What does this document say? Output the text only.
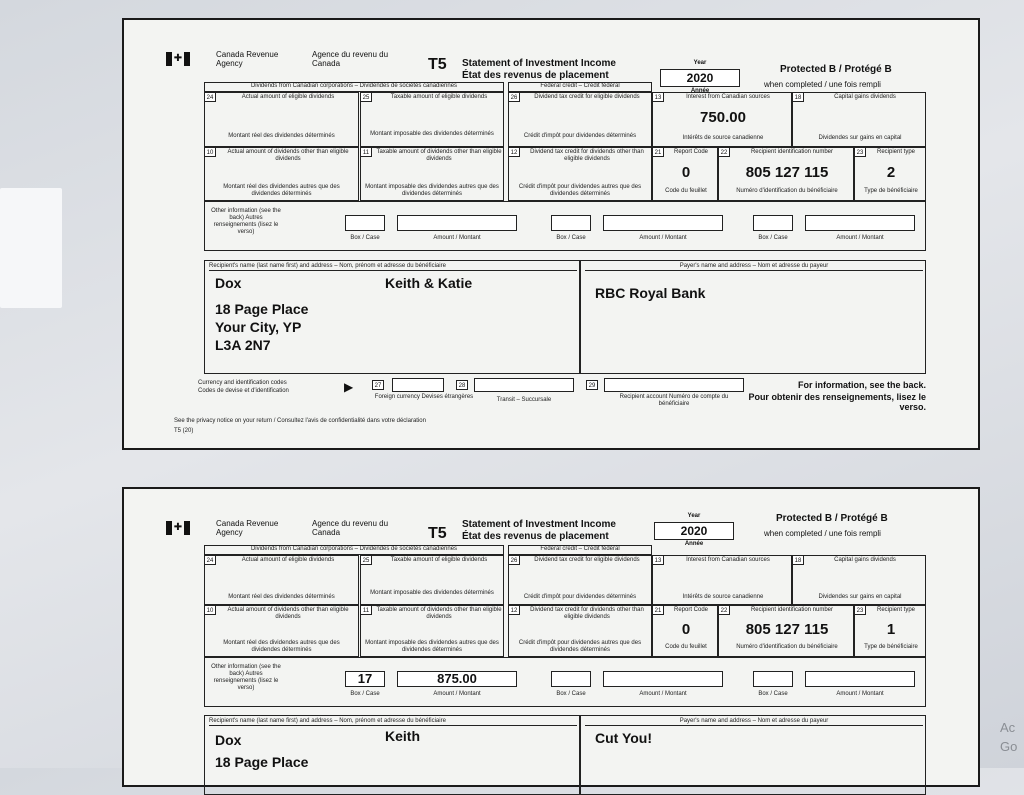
Ac Go
✚	Canada Revenue Agency
Agence du revenu du Canada	T5 Statement of Investment Income
État des revenus de placement
Year
2020
Année
Protected B / Protégé B
when completed / une fois rempli
Dividends from Canadian corporations – Dividendes de sociétés canadiennes	Federal credit – Crédit fédéral
24	Actual amount of eligible dividends
Montant réel des dividendes déterminés
25	Taxable amount of eligible dividends
Montant imposable des dividendes déterminés
26	Dividend tax credit for eligible dividends
Crédit d'impôt pour dividendes déterminés
13	Interest from Canadian sources
750.00
Intérêts de source canadienne
18	Capital gains dividends
Dividendes sur gains en capital
10	Actual amount of dividends other than eligible dividends
Montant réel des dividendes autres que des dividendes déterminés
11	Taxable amount of dividends other than eligible dividends
Montant imposable des dividendes autres que des dividendes déterminés
12	Dividend tax credit for dividends other than eligible dividends
Crédit d'impôt pour dividendes autres que des dividendes déterminés
21	Report Code
0
Code du feuillet
22	Recipient identification number
805 127 115
Numéro d'identification du bénéficiaire
23	Recipient type
2
Type de bénéficiaire
Other information (see the back) Autres renseignements (lisez le verso)
Box / Case	Amount / Montant	Box / Case	Amount / Montant	Box / Case	Amount / Montant
Recipient's name (last name first) and address – Nom, prénom et adresse du bénéficiaire
Dox	Keith & Katie
18 Page Place
Your City, YP
L3A 2N7
Payer's name and address – Nom et adresse du payeur
RBC Royal Bank
Currency and identification codes
Codes de devise et d'identification	▶	27	28	29
Foreign currency Devises étrangères	Transit – Succursale	Recipient account Numéro de compte du bénéficiaire
For information, see the back.
Pour obtenir des renseignements, lisez le verso.
See the privacy notice on your return / Consultez l'avis de confidentialité dans votre déclaration
T5 (20)
✚	Canada Revenue Agency
Agence du revenu du Canada	T5
Statement of Investment Income
État des revenus de placement
Year
2020
Année
Protected B / Protégé B
when completed / une fois rempli
Dividends from Canadian corporations – Dividendes de sociétés canadiennes	Federal credit – Crédit fédéral
24	Actual amount of eligible dividends
Montant réel des dividendes déterminés
25	Taxable amount of eligible dividends
Montant imposable des dividendes déterminés
26	Dividend tax credit for eligible dividends
Crédit d'impôt pour dividendes déterminés
13	Interest from Canadian sources
Intérêts de source canadienne
18	Capital gains dividends
Dividendes sur gains en capital
10	Actual amount of dividends other than eligible dividends
Montant réel des dividendes autres que des dividendes déterminés
11	Taxable amount of dividends other than eligible dividends
Montant imposable des dividendes autres que des dividendes déterminés
12	Dividend tax credit for dividends other than eligible dividends
Crédit d'impôt pour dividendes autres que des dividendes déterminés
21	Report Code
0
Code du feuillet
22	Recipient identification number
805 127 115
Numéro d'identification du bénéficiaire
23	Recipient type
1
Type de bénéficiaire
Other information (see the back) Autres renseignements (lisez le verso)
17	875.00
Box / Case	Amount / Montant	Box / Case	Amount / Montant	Box / Case	Amount / Montant
Recipient's name (last name first) and address – Nom, prénom et adresse du bénéficiaire
Dox	Keith
18 Page Place
Payer's name and address – Nom et adresse du payeur
Cut You!
